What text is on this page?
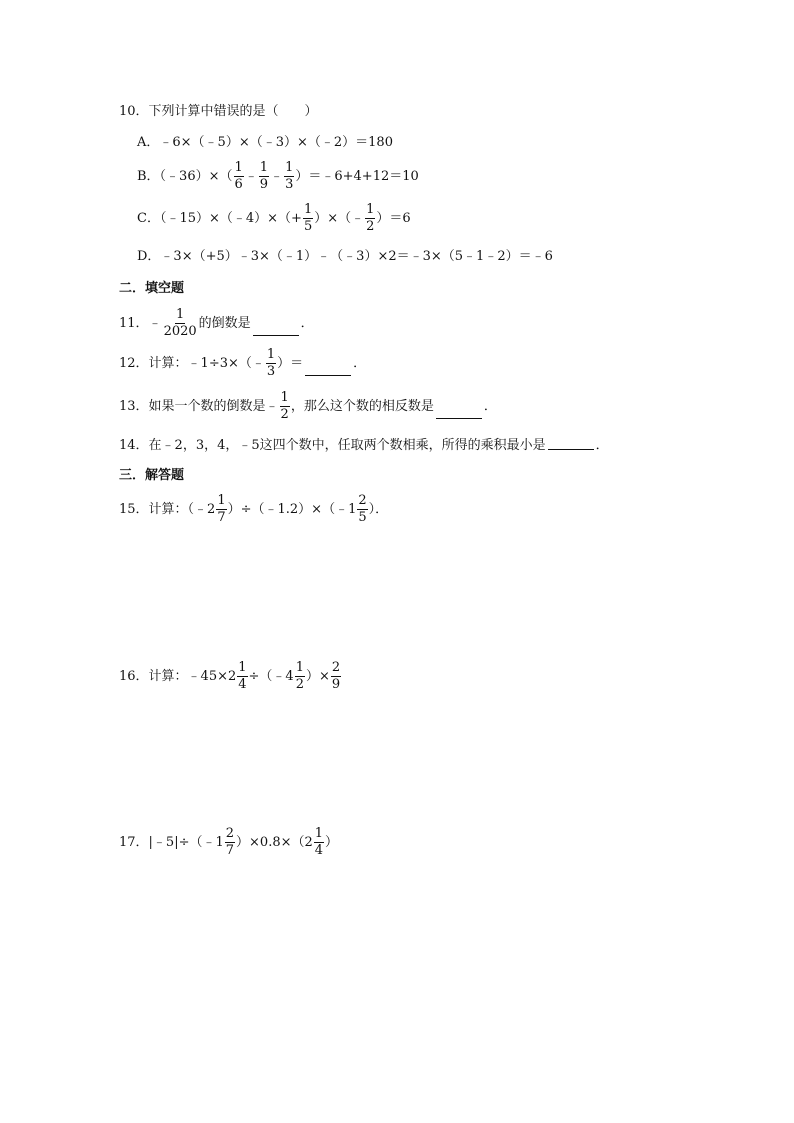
10．下列计算中错误的是（　　）
A．﹣6×（﹣5）×（﹣3）×（﹣2）＝180
B．（﹣36）×（ $\frac{1}{6}$ ﹣ $\frac{1}{9}$ ﹣ $\frac{1}{3}$ ）＝﹣6+4+12＝10
C．（﹣15）×（﹣4）×（+ $\frac{1}{5}$ ）×（﹣ $\frac{1}{2} )=6$
D．﹣3×（+5）﹣3×（﹣1）﹣（﹣3）×2＝﹣3×（5﹣1﹣2）＝﹣6
二．填空题
11． ﹣ $\frac{1}{2020}$ 的倒数是	．
12．计算：﹣1÷3×（﹣ $\frac{1}{3}$ ）＝	．
13．如果一个数的倒数是﹣ $\frac{1}{2}$ ，那么这个数的相反数是	．
14．在﹣2，3，4，﹣5这四个数中，任取两个数相乘，所得的乘积最小是	．
三．解答题
15．计算：（﹣2 $\frac{1}{7}$ ）÷（﹣1.2）×（﹣1 $\frac{2}{5}$ ）．
16．计算：﹣45×2 $\frac{1}{4}$ ÷（﹣4 $\frac{1}{2}$ ）× $\frac{2}{9}$
17．|﹣5|÷（﹣1 $\frac{2}{7} )\times 0.8\times(2 \frac{1}{4}$ ）
